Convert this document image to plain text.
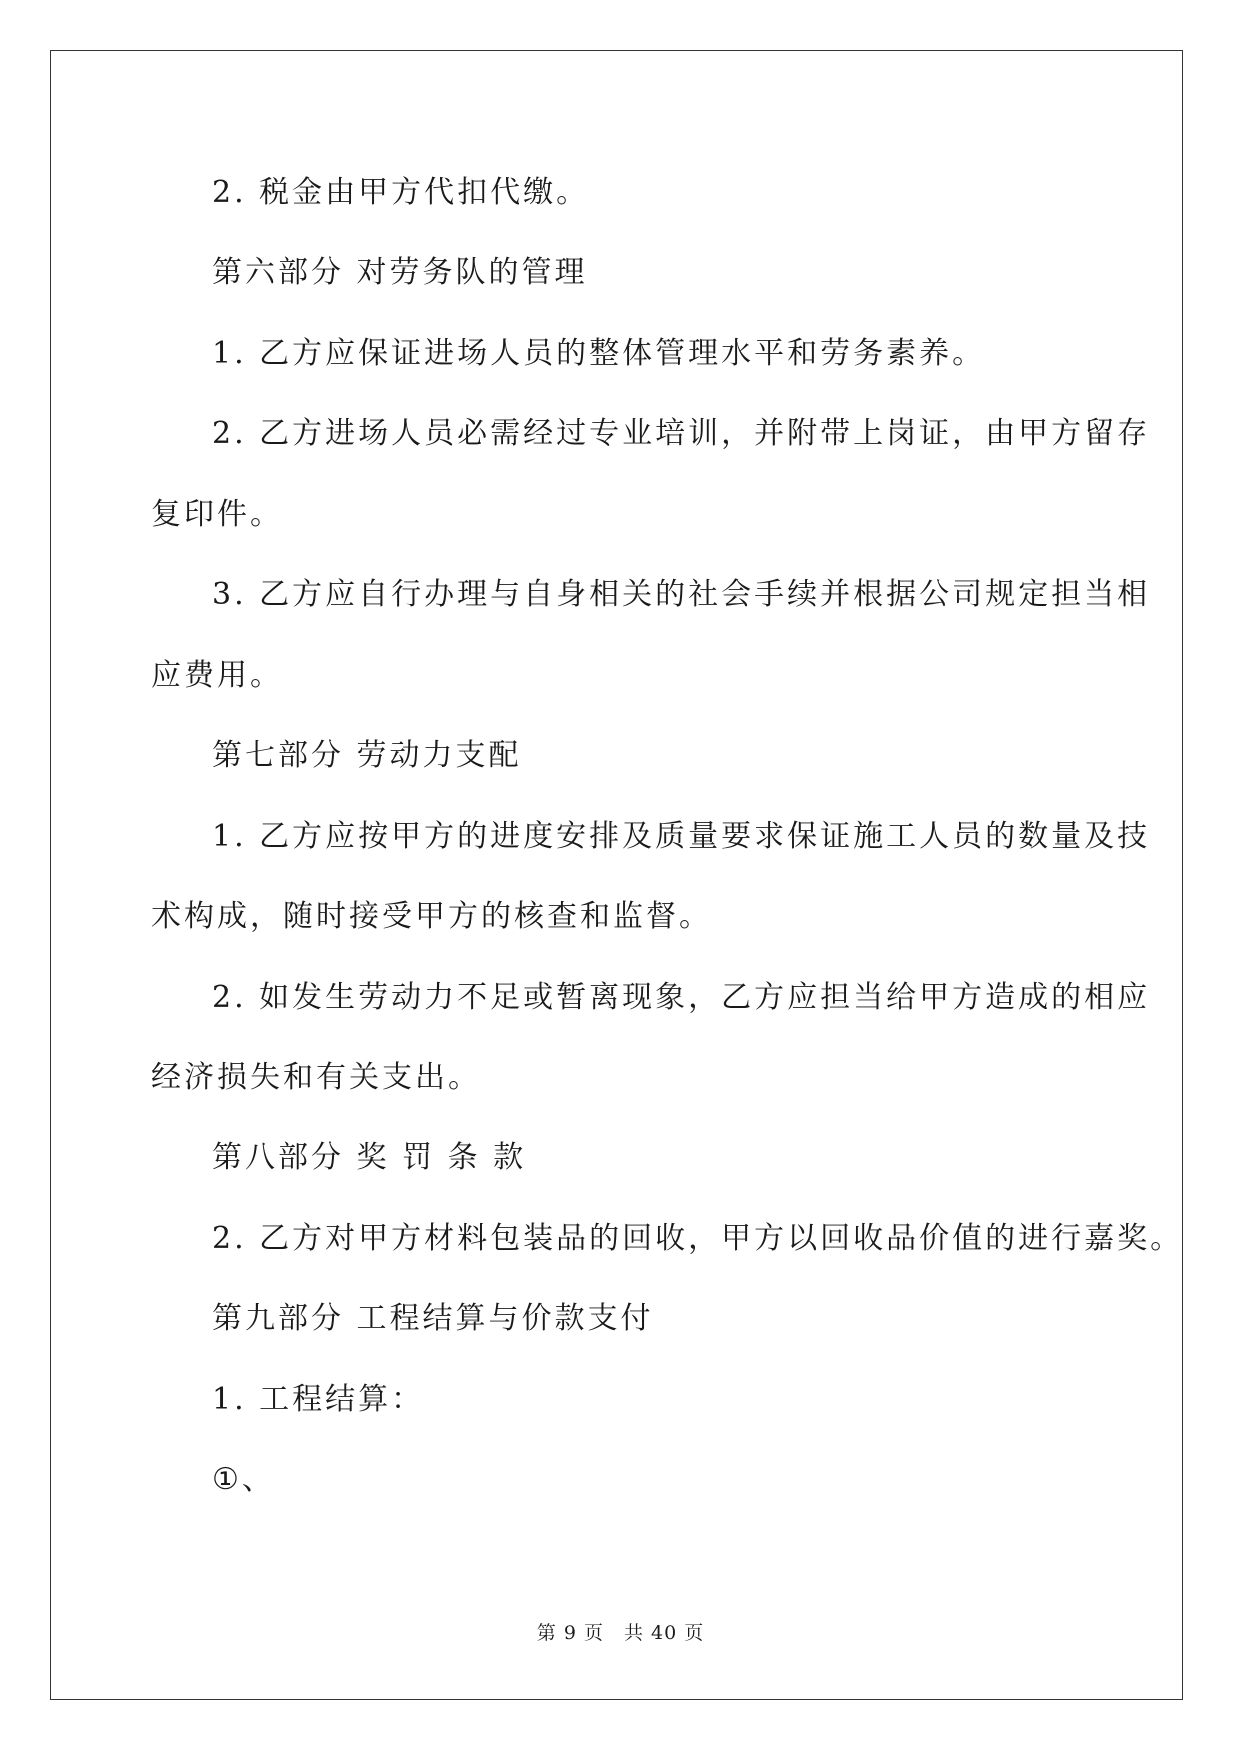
2. 税金由甲方代扣代缴。
第六部分 对劳务队的管理
1. 乙方应保证进场人员的整体管理水平和劳务素养。
2. 乙方进场人员必需经过专业培训，并附带上岗证，由甲方留存
复印件。
3. 乙方应自行办理与自身相关的社会手续并根据公司规定担当相
应费用。
第七部分 劳动力支配
1. 乙方应按甲方的进度安排及质量要求保证施工人员的数量及技
术构成，随时接受甲方的核查和监督。
2. 如发生劳动力不足或暂离现象，乙方应担当给甲方造成的相应
经济损失和有关支出。
第八部分 奖 罚 条 款
2. 乙方对甲方材料包装品的回收，甲方以回收品价值的进行嘉奖。
第九部分 工程结算与价款支付
1. 工程结算：
①、
第 9 页　共 40 页
